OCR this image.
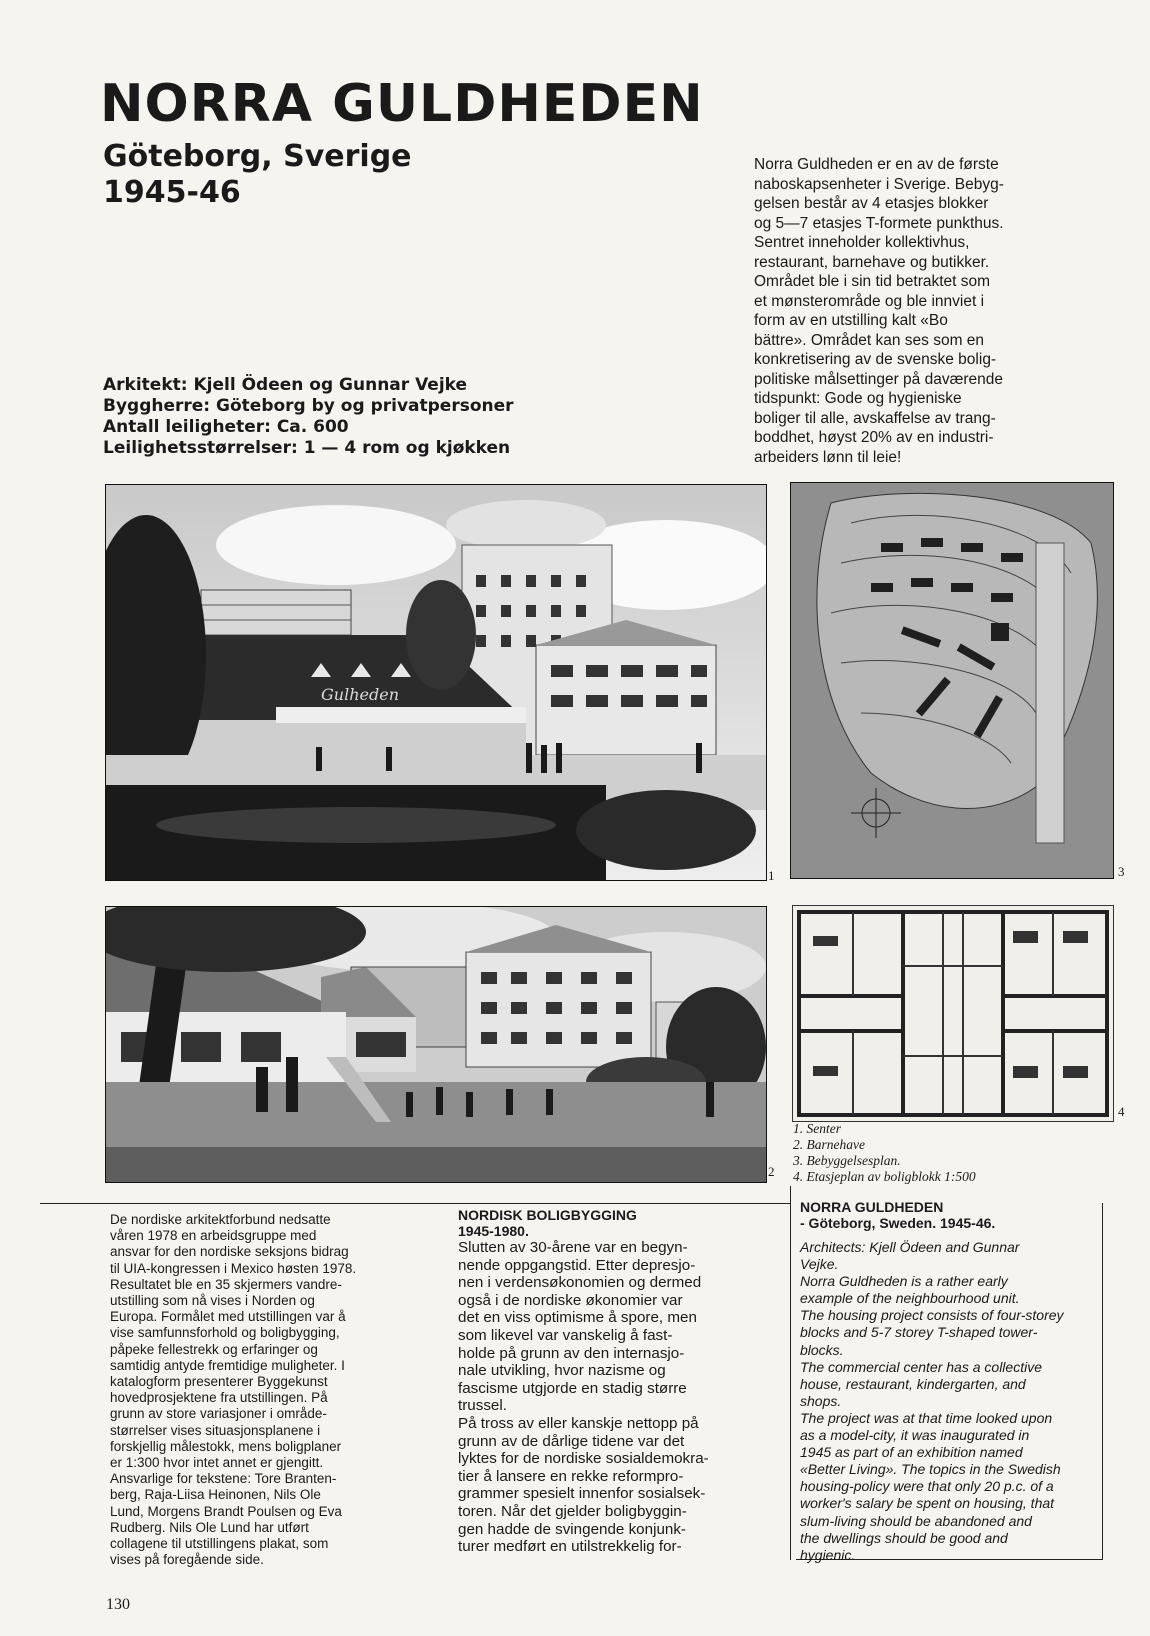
NORRA GULDHEDEN

Göteborg, Sverige

1945-46

Arkitekt: Kjell Ödeen og Gunnar Vejke
Byggherre: Göteborg by og privatpersoner
Antall leiligheter: Ca. 600
Leilighetsstørrelser: 1 — 4 rom og kjøkken

Norra Guldheden er en av de første

naboskapsenheter i Sverige. Bebyg-

gelsen består av 4 etasjes blokker

og 5—7 etasjes T-formete punkthus.

Sentret inneholder kollektivhus,

restaurant, barnehave og butikker.

Området ble i sin tid betraktet som

et mønsterområde og ble innviet i

form av en utstilling kalt «Bo

bättre». Området kan ses som en

konkretisering av de svenske bolig-

politiske målsettinger på daværende

tidspunkt: Gode og hygieniske

boliger til alle, avskaffelse av trang-

boddhet, høyst 20% av en industri-

arbeiders lønn til leie!

Gulheden
1
2
3
4

1. Senter

2. Barnehave

3. Bebyggelsesplan.

4. Etasjeplan av boligblokk 1:500

De nordiske arkitektforbund nedsatte

våren 1978 en arbeidsgruppe med

ansvar for den nordiske seksjons bidrag

til UIA-kongressen i Mexico høsten 1978.

Resultatet ble en 35 skjermers vandre-

utstilling som nå vises i Norden og

Europa. Formålet med utstillingen var å

vise samfunnsforhold og boligbygging,

påpeke fellestrekk og erfaringer og

samtidig antyde fremtidige muligheter. I

katalogform presenterer Byggekunst

hovedprosjektene fra utstillingen. På

grunn av store variasjoner i område-

størrelser vises situasjonsplanene i

forskjellig målestokk, mens boligplaner

er 1:300 hvor intet annet er gjengitt.

Ansvarlige for tekstene: Tore Branten-

berg, Raja-Liisa Heinonen, Nils Ole

Lund, Morgens Brandt Poulsen og Eva

Rudberg. Nils Ole Lund har utført

collagene til utstillingens plakat, som

vises på foregående side.

NORDISK BOLIGBYGGING

1945-1980.

Slutten av 30-årene var en begyn-

nende oppgangstid. Etter depresjo-

nen i verdensøkonomien og dermed

også i de nordiske økonomier var

det en viss optimisme å spore, men

som likevel var vanskelig å fast-

holde på grunn av den internasjo-

nale utvikling, hvor nazisme og

fascisme utgjorde en stadig større

trussel.

På tross av eller kanskje nettopp på

grunn av de dårlige tidene var det

lyktes for de nordiske sosialdemokra-

tier å lansere en rekke reformpro-

grammer spesielt innenfor sosialsek-

toren. Når det gjelder boligbyggin-

gen hadde de svingende konjunk-

turer medført en utilstrekkelig for-

NORRA GULDHEDEN

- Göteborg, Sweden. 1945-46.

Architects: Kjell Ödeen and Gunnar

Vejke.

Norra Guldheden is a rather early

example of the neighbourhood unit.

The housing project consists of four-storey

blocks and 5-7 storey T-shaped tower-

blocks.

The commercial center has a collective

house, restaurant, kindergarten, and

shops.

The project was at that time looked upon

as a model-city, it was inaugurated in

1945 as part of an exhibition named

«Better Living». The topics in the Swedish

housing-policy were that only 20 p.c. of a

worker's salary be spent on housing, that

slum-living should be abandoned and

the dwellings should be good and

hygienic.

130
